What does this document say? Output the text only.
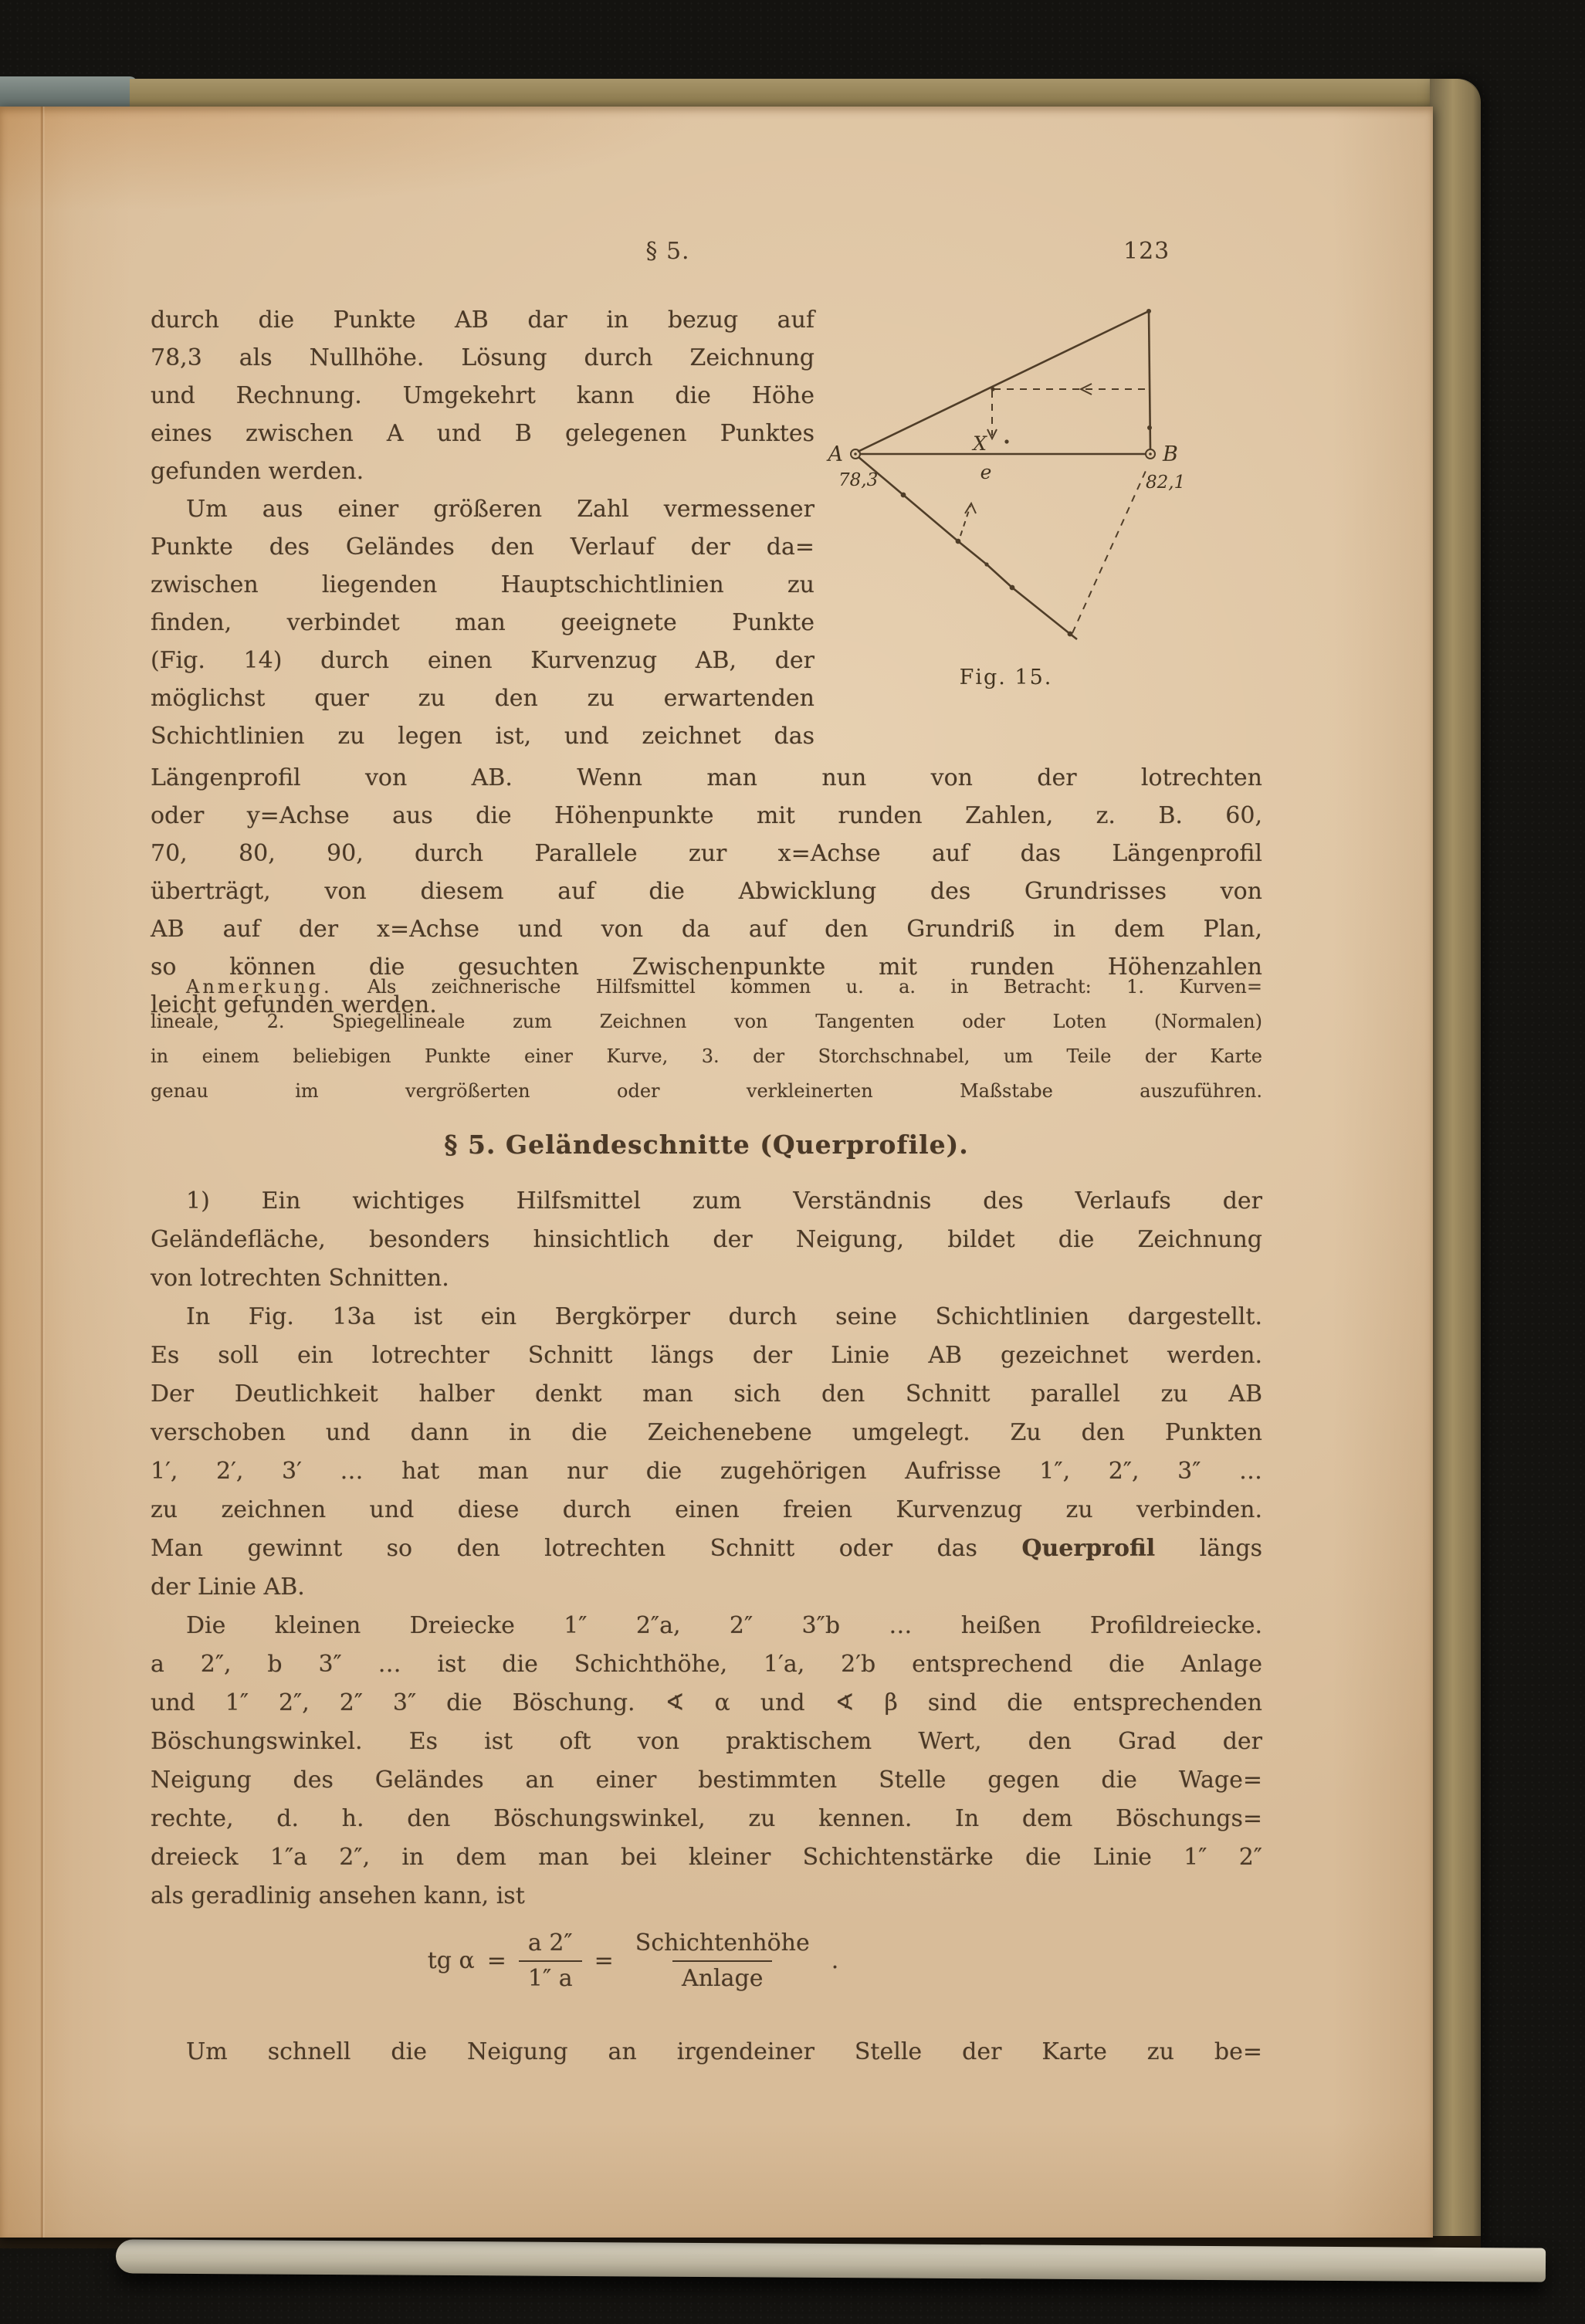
§ 5.	123
durch die Punkte AB dar in bezug auf
78,3 als Nullhöhe. Lösung durch Zeichnung
und Rechnung. Umgekehrt kann die Höhe
eines zwischen A und B gelegenen Punktes
gefunden werden.
Um aus einer größeren Zahl vermessener
Punkte des Geländes den Verlauf der da=
zwischen liegenden Hauptschichtlinien zu
finden, verbindet man geeignete Punkte
(Fig. 14) durch einen Kurvenzug AB, der
möglichst quer zu den zu erwartenden
Schichtlinien zu legen ist, und zeichnet das
A
78,3
B
82,1
X
e
Fig. 15.
Längenprofil von AB. Wenn man nun von der lotrechten
oder y=Achse aus die Höhenpunkte mit runden Zahlen, z. B. 60,
70, 80, 90, durch Parallele zur x=Achse auf das Längenprofil
überträgt, von diesem auf die Abwicklung des Grundrisses von
AB auf der x=Achse und von da auf den Grundriß in dem Plan,
so können die gesuchten Zwischenpunkte mit runden Höhenzahlen
leicht gefunden werden.
Anmerkung. Als zeichnerische Hilfsmittel kommen u. a. in Betracht: 1. Kurven=
lineale, 2. Spiegellineale zum Zeichnen von Tangenten oder Loten (Normalen)
in einem beliebigen Punkte einer Kurve, 3. der Storchschnabel, um Teile der Karte
genau im vergrößerten oder verkleinerten Maßstabe auszuführen.
§ 5. Geländeschnitte (Querprofile).
1) Ein wichtiges Hilfsmittel zum Verständnis des Verlaufs der
Geländefläche, besonders hinsichtlich der Neigung, bildet die Zeichnung
von lotrechten Schnitten.
In Fig. 13a ist ein Bergkörper durch seine Schichtlinien dargestellt.
Es soll ein lotrechter Schnitt längs der Linie AB gezeichnet werden.
Der Deutlichkeit halber denkt man sich den Schnitt parallel zu AB
verschoben und dann in die Zeichenebene umgelegt. Zu den Punkten
1′, 2′, 3′ … hat man nur die zugehörigen Aufrisse 1″, 2″, 3″ …
zu zeichnen und diese durch einen freien Kurvenzug zu verbinden.
Man gewinnt so den lotrechten Schnitt oder das Querprofil längs
der Linie AB.
Die kleinen Dreiecke 1″ 2″a, 2″ 3″b … heißen Profildreiecke.
a 2″, b 3″ … ist die Schichthöhe, 1′a, 2′b entsprechend die Anlage
und 1″ 2″, 2″ 3″ die Böschung. ∢ α und ∢ β sind die entsprechenden
Böschungswinkel. Es ist oft von praktischem Wert, den Grad der
Neigung des Geländes an einer bestimmten Stelle gegen die Wage=
rechte, d. h. den Böschungswinkel, zu kennen. In dem Böschungs=
dreieck 1″a 2″, in dem man bei kleiner Schichtenstärke die Linie 1″ 2″
als geradlinig ansehen kann, ist
tg $\alpha = \frac{a 2''}{1'' a} = \frac{\text{Schichtenhöhe}}{\text{Anlage}}$ .
Um schnell die Neigung an irgendeiner Stelle der Karte zu be=
